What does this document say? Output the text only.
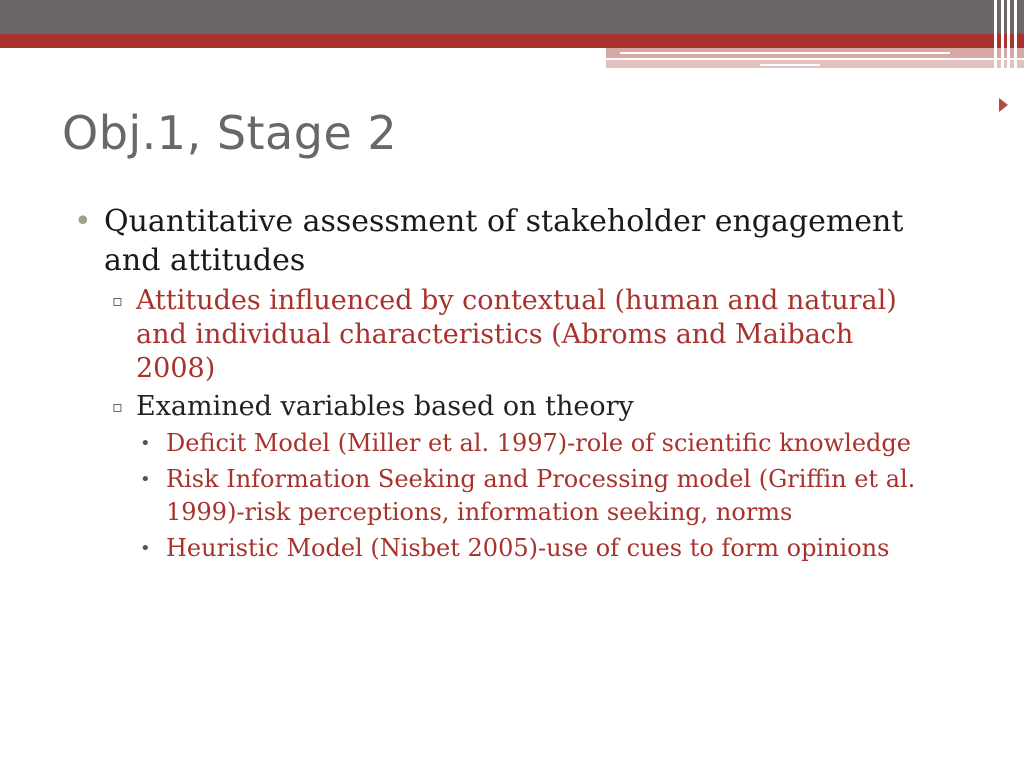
Obj.1, Stage 2
• Quantitative assessment of stakeholder engagement and attitudes
▫ Attitudes influenced by contextual (human and natural) and individual characteristics (Abroms and Maibach 2008)
▫ Examined variables based on theory
• Deficit Model (Miller et al. 1997)-role of scientific knowledge
• Risk Information Seeking and Processing model (Griffin et al. 1999)-risk perceptions, information seeking, norms
• Heuristic Model (Nisbet 2005)-use of cues to form opinions
